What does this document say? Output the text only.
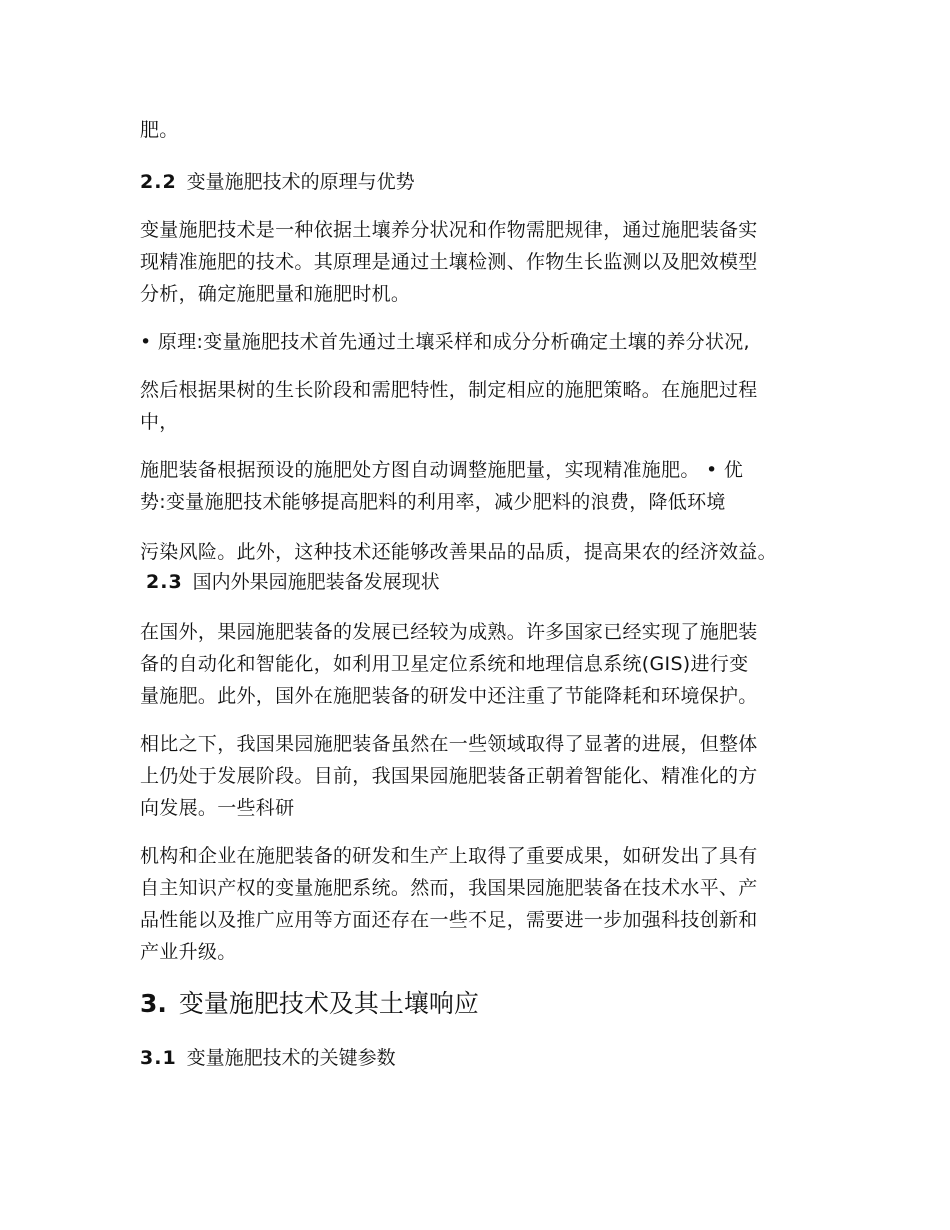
肥。
2.2 变量施肥技术的原理与优势
变量施肥技术是一种依据土壤养分状况和作物需肥规律，通过施肥装备实
现精准施肥的技术。其原理是通过土壤检测、作物生长监测以及肥效模型
分析，确定施肥量和施肥时机。
• 原理:变量施肥技术首先通过土壤采样和成分分析确定土壤的养分状况,
然后根据果树的生长阶段和需肥特性，制定相应的施肥策略。在施肥过程
中，
施肥装备根据预设的施肥处方图自动调整施肥量，实现精准施肥。 • 优
势:变量施肥技术能够提高肥料的利用率，减少肥料的浪费，降低环境
污染风险。此外，这种技术还能够改善果品的品质，提高果农的经济效益。
2.3 国内外果园施肥装备发展现状
在国外，果园施肥装备的发展已经较为成熟。许多国家已经实现了施肥装
备的自动化和智能化，如利用卫星定位系统和地理信息系统(GIS)进行变
量施肥。此外，国外在施肥装备的研发中还注重了节能降耗和环境保护。
相比之下，我国果园施肥装备虽然在一些领域取得了显著的进展，但整体
上仍处于发展阶段。目前，我国果园施肥装备正朝着智能化、精准化的方
向发展。一些科研
机构和企业在施肥装备的研发和生产上取得了重要成果，如研发出了具有
自主知识产权的变量施肥系统。然而，我国果园施肥装备在技术水平、产
品性能以及推广应用等方面还存在一些不足，需要进一步加强科技创新和
产业升级。
3. 变量施肥技术及其土壤响应
3.1 变量施肥技术的关键参数
